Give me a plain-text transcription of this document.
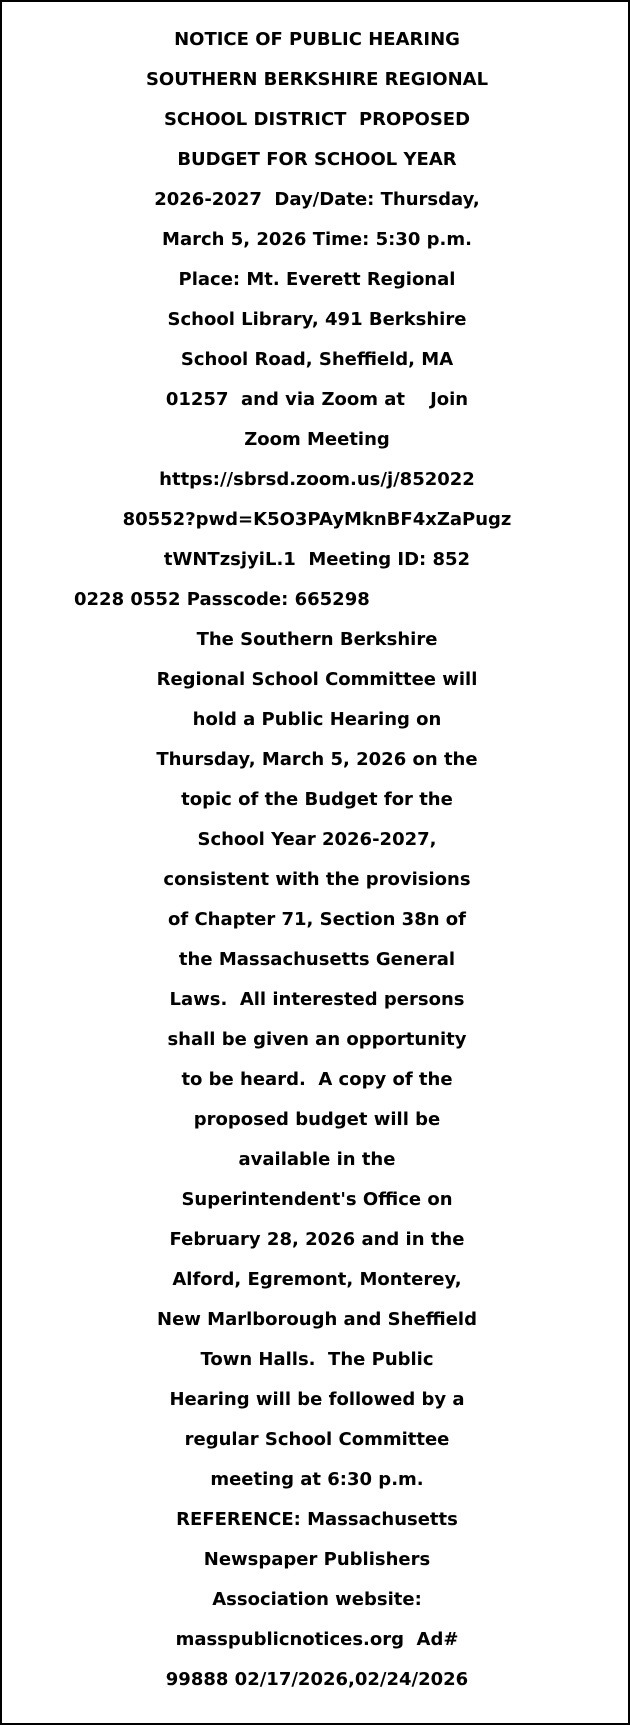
NOTICE OF PUBLIC HEARING
SOUTHERN BERKSHIRE REGIONAL
SCHOOL DISTRICT  PROPOSED
BUDGET FOR SCHOOL YEAR
2026-2027  Day/Date: Thursday,
March 5, 2026 Time: 5:30 p.m.
Place: Mt. Everett Regional
School Library, 491 Berkshire
School Road, Sheffield, MA
01257  and via Zoom at    Join
Zoom Meeting
https://sbrsd.zoom.us/j/852022
80552?pwd=K5O3PAyMknBF4xZaPugz
tWNTzsjyiL.1  Meeting ID: 852
0228 0552 Passcode: 665298
The Southern Berkshire
Regional School Committee will
hold a Public Hearing on
Thursday, March 5, 2026 on the
topic of the Budget for the
School Year 2026-2027,
consistent with the provisions
of Chapter 71, Section 38n of
the Massachusetts General
Laws.  All interested persons
shall be given an opportunity
to be heard.  A copy of the
proposed budget will be
available in the
Superintendent's Office on
February 28, 2026 and in the
Alford, Egremont, Monterey,
New Marlborough and Sheffield
Town Halls.  The Public
Hearing will be followed by a
regular School Committee
meeting at 6:30 p.m.
REFERENCE: Massachusetts
Newspaper Publishers
Association website:
masspublicnotices.org  Ad#
99888 02/17/2026,02/24/2026
